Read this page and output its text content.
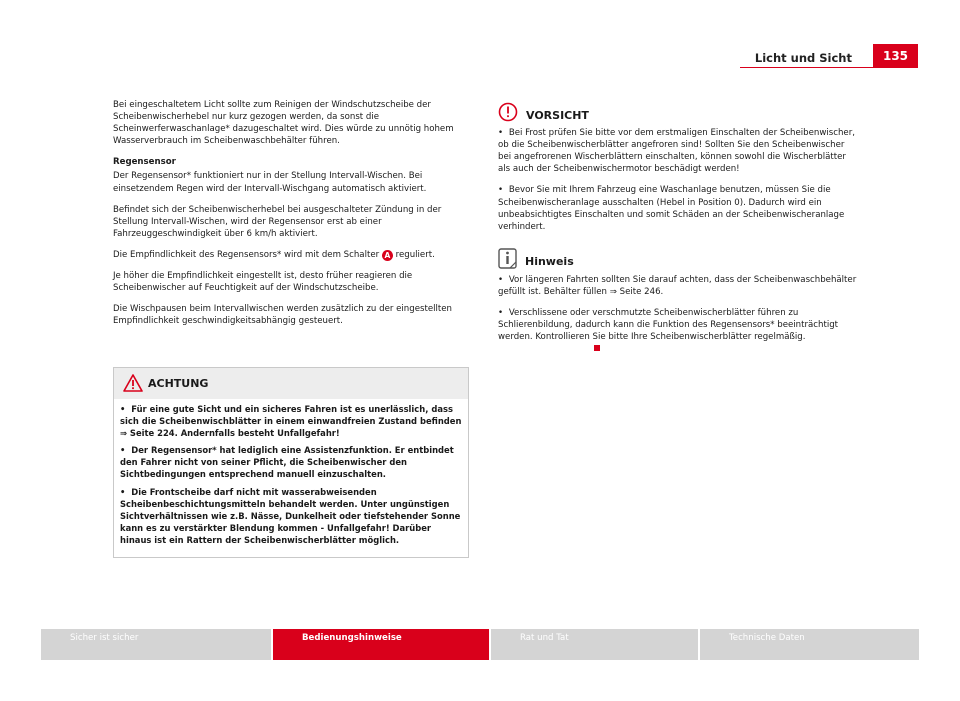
Licht und Sicht	135

Bei eingeschaltetem Licht sollte zum Reinigen der Windschutzscheibe der Scheibenwischerhebel nur kurz gezogen werden, da sonst die Scheinwerferwaschanlage* dazugeschaltet wird. Dies würde zu unnötig hohem Wasserverbrauch im Scheibenwaschbehälter führen.

Regensensor

Der Regensensor* funktioniert nur in der Stellung Intervall-Wischen. Bei einsetzendem Regen wird der Intervall-Wischgang automatisch aktiviert.

Befindet sich der Scheibenwischerhebel bei ausgeschalteter Zündung in der Stellung Intervall-Wischen, wird der Regensensor erst ab einer Fahrzeuggeschwindigkeit über 6 km/h aktiviert.

Die Empfindlichkeit des Regensensors* wird mit dem Schalter A reguliert.

Je höher die Empfindlichkeit eingestellt ist, desto früher reagieren die Scheibenwischer auf Feuchtigkeit auf der Windschutzscheibe.

Die Wischpausen beim Intervallwischen werden zusätzlich zu der eingestellten Empfindlichkeit geschwindigkeitsabhängig gesteuert.

ACHTUNG

• Für eine gute Sicht und ein sicheres Fahren ist es unerlässlich, dass sich die Scheibenwischblätter in einem einwandfreien Zustand befinden ⇒ Seite 224. Andernfalls besteht Unfallgefahr!

• Der Regensensor* hat lediglich eine Assistenzfunktion. Er entbindet den Fahrer nicht von seiner Pflicht, die Scheibenwischer den Sichtbedingungen entsprechend manuell einzuschalten.

• Die Frontscheibe darf nicht mit wasserabweisenden Scheibenbeschichtungsmitteln behandelt werden. Unter ungünstigen Sichtverhältnissen wie z.B. Nässe, Dunkelheit oder tiefstehender Sonne kann es zu verstärkter Blendung kommen - Unfallgefahr! Darüber hinaus ist ein Rattern der Scheibenwischerblätter möglich.

VORSICHT

• Bei Frost prüfen Sie bitte vor dem erstmaligen Einschalten der Scheibenwischer, ob die Scheibenwischerblätter angefroren sind! Sollten Sie den Scheibenwischer bei angefrorenen Wischerblättern einschalten, können sowohl die Wischerblätter als auch der Scheibenwischermotor beschädigt werden!

• Bevor Sie mit Ihrem Fahrzeug eine Waschanlage benutzen, müssen Sie die Scheibenwischeranlage ausschalten (Hebel in Position 0). Dadurch wird ein unbeabsichtigtes Einschalten und somit Schäden an der Scheibenwischeranlage verhindert.

Hinweis

• Vor längeren Fahrten sollten Sie darauf achten, dass der Scheibenwaschbehälter gefüllt ist. Behälter füllen ⇒ Seite 246.

• Verschlissene oder verschmutzte Scheibenwischerblätter führen zu Schlierenbildung, dadurch kann die Funktion des Regensensors* beeinträchtigt werden. Kontrollieren Sie bitte Ihre Scheibenwischerblätter regelmäßig.

Sicher ist sicher	Bedienungshinweise	Rat und Tat	Technische Daten
